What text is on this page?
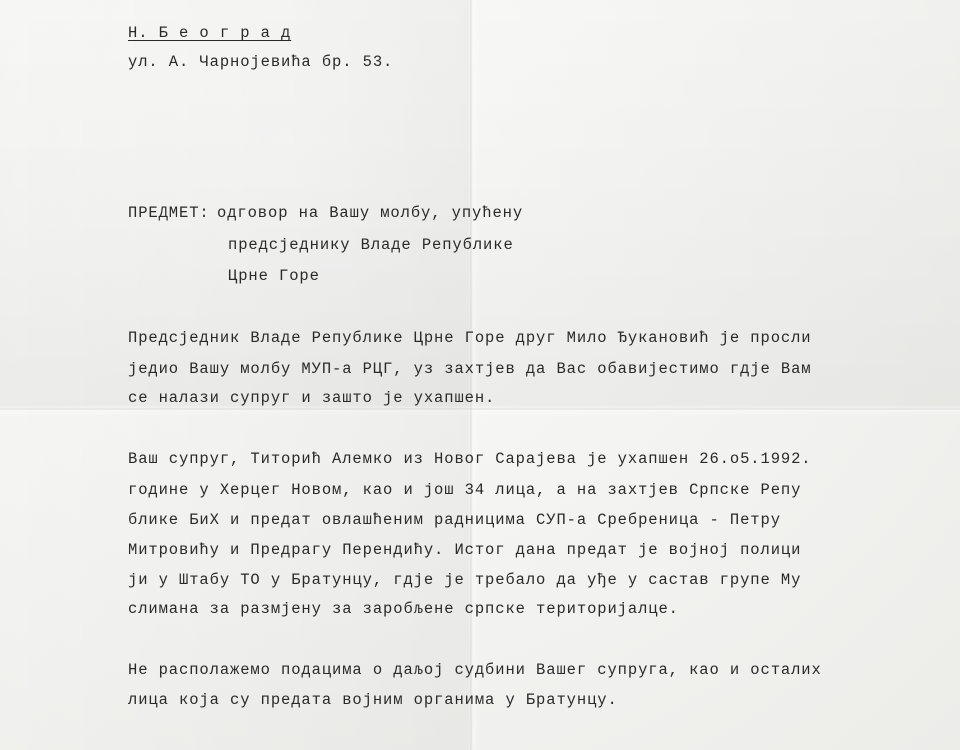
Н. Б е о г р а д
ул. А. Чарнојевића бр. 53.
ПРЕДМЕТ: одговор на Вашу молбу, упућену
предсједнику Владе Републике
Црне Горе
Предсједник Владе Републике Црне Горе друг Мило Ђукановић је просли
једио Вашу молбу МУП-а РЦГ, уз захтјев да Вас обавијестимо гдје Вам
се налази супруг и зашто је ухапшен.
Ваш супруг, Титорић Алемко из Новог Сарајева је ухапшен 26.о5.1992.
године у Херцег Новом, као и још 34 лица, а на захтјев Српске Репу
блике БиХ и предат овлашћеним радницима СУП-а Сребреница - Петру
Митровићу и Предрагу Перендићу. Истог дана предат је војној полици
ји у Штабу ТО у Братунцу, гдје је требало да уђе у састав групе Му
слимана за размјену за заробљене српске територијалце.
Не располажемо подацима о даљој судбини Вашег супруга, као и осталих
лица која су предата војним органима у Братунцу.
